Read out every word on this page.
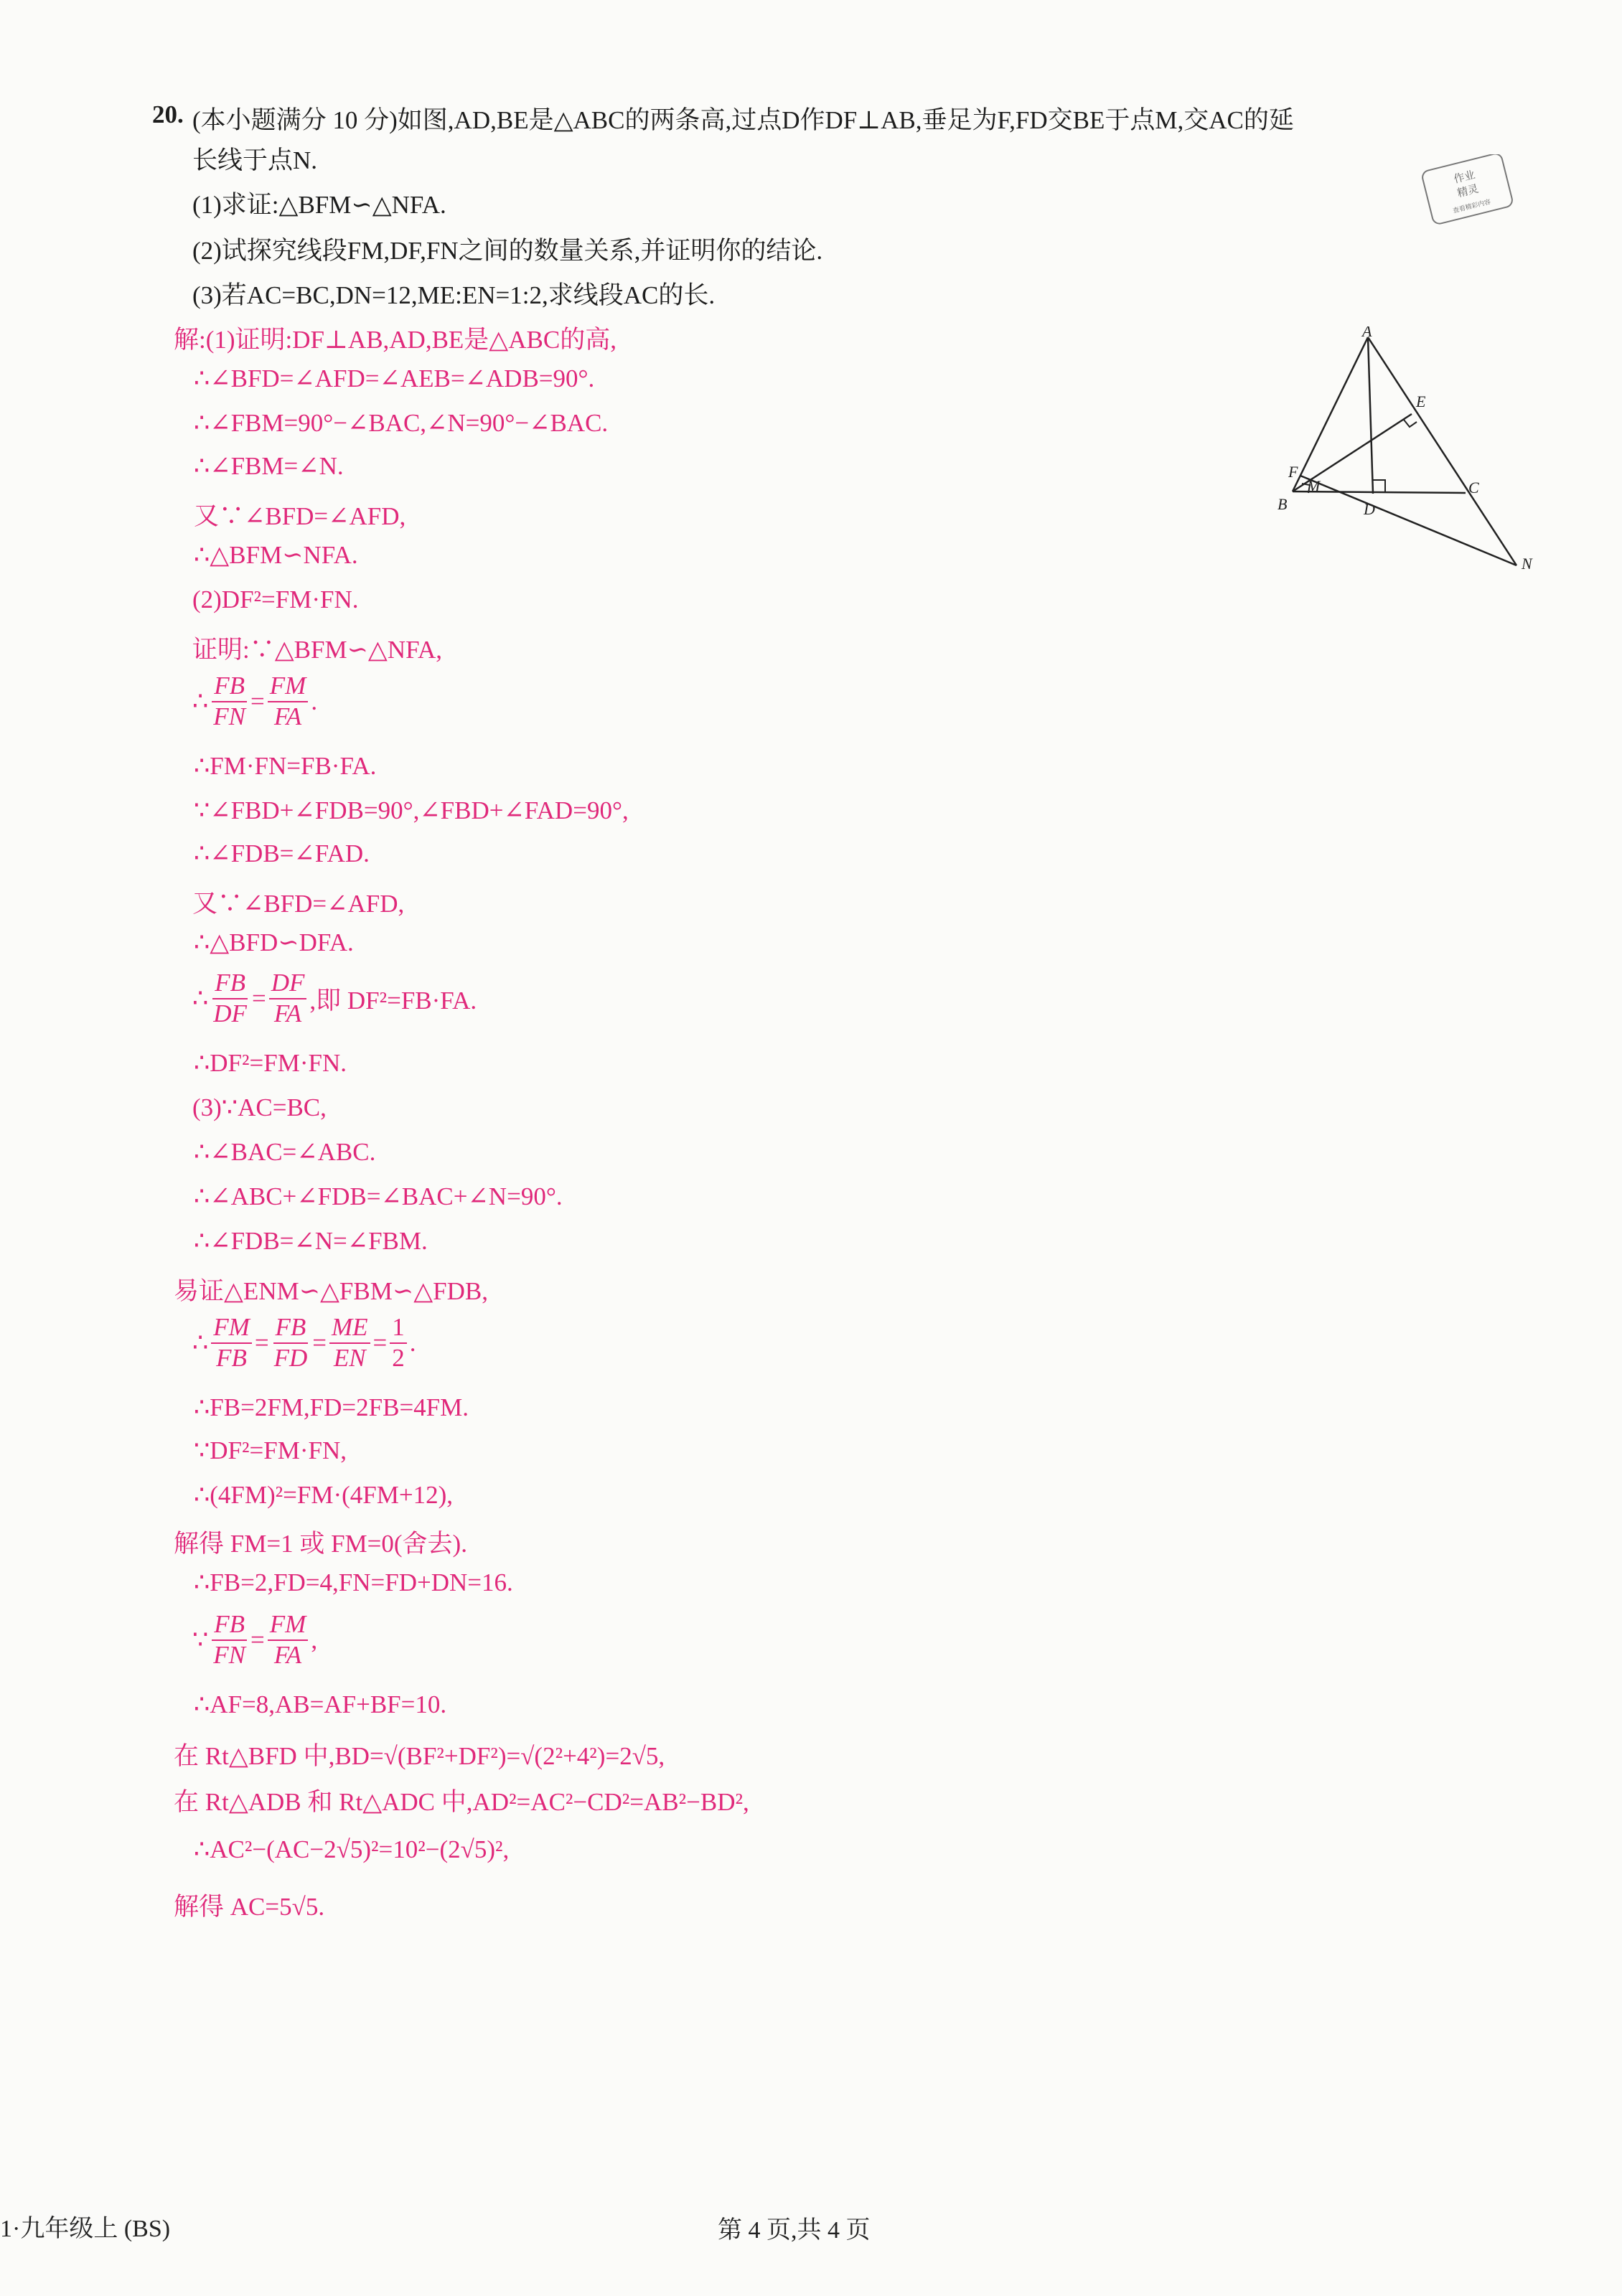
20. (本小题满分 10 分)如图,AD,BE是△ABC的两条高,过点D作DF⊥AB,垂足为F,FD交BE于点M,交AC的延
长线于点N.
(1)求证:△BFM∽△NFA.
(2)试探究线段FM,DF,FN之间的数量关系,并证明你的结论.
(3)若AC=BC,DN=12,ME:EN=1:2,求线段AC的长.
作业
精灵
查看精彩内容
A
E
F
M
B	D
C
N
解:(1)证明:DF⊥AB,AD,BE是△ABC的高,
∴∠BFD=∠AFD=∠AEB=∠ADB=90°.
∴∠FBM=90°−∠BAC,∠N=90°−∠BAC.
∴∠FBM=∠N.
又∵∠BFD=∠AFD,
∴△BFM∽NFA.
(2)DF²=FM·FN.
证明:∵△BFM∽△NFA,
∴ $\frac{FB}{FN} = \frac{FM}{FA}$ .
∴FM·FN=FB·FA.
∵∠FBD+∠FDB=90°,∠FBD+∠FAD=90°,
∴∠FDB=∠FAD.
又∵∠BFD=∠AFD,
∴△BFD∽DFA.
∴ $\frac{FB}{DF} = \frac{DF}{FA}$ ,即 DF²=FB·FA.
∴DF²=FM·FN.
(3)∵AC=BC,
∴∠BAC=∠ABC.
∴∠ABC+∠FDB=∠BAC+∠N=90°.
∴∠FDB=∠N=∠FBM.
易证△ENM∽△FBM∽△FDB,
∴ $\frac{FM}{FB} = \frac{FB}{FD} = \frac{ME}{EN} = \frac{1}{2}$ .
∴FB=2FM,FD=2FB=4FM.
∵DF²=FM·FN,
∴(4FM)²=FM·(4FM+12),
解得 FM=1 或 FM=0(舍去).
∴FB=2,FD=4,FN=FD+DN=16.
∵ $\frac{FB}{FN} = \frac{FM}{FA}$ ,
∴AF=8,AB=AF+BF=10.
在 Rt△BFD 中,BD=√(BF²+DF²)=√(2²+4²)=2√5,
在 Rt△ADB 和 Rt△ADC 中,AD²=AC²−CD²=AB²−BD²,
∴AC²−(AC−2√5)²=10²−(2√5)²,
解得 AC=5√5.
1·九年级上 (BS)	第 4 页,共 4 页
